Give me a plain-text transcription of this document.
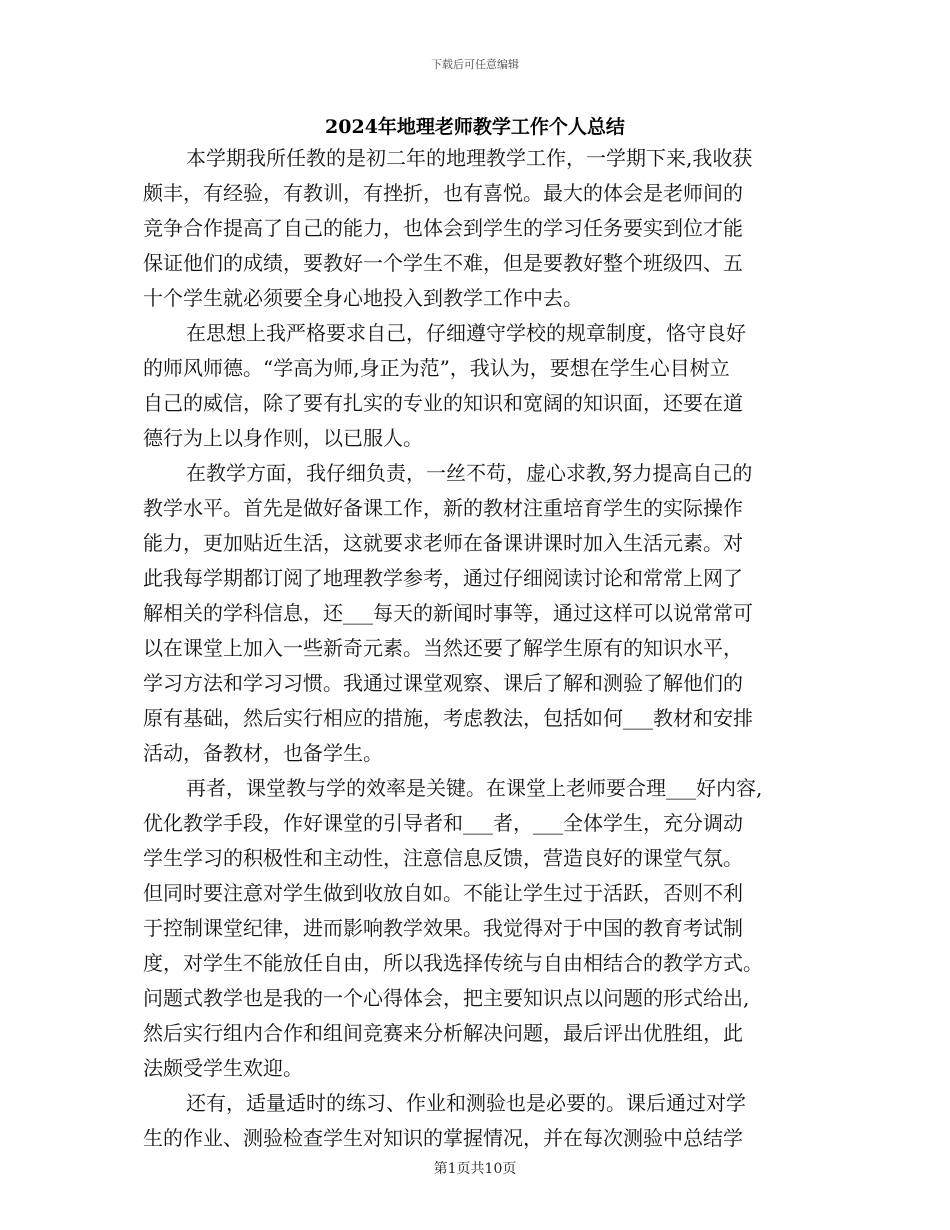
下载后可任意编辑
2024年地理老师教学工作个人总结
本学期我所任教的是初二年的地理教学工作，一学期下来,我收获
颇丰，有经验，有教训，有挫折，也有喜悦。最大的体会是老师间的
竞争合作提高了自己的能力，也体会到学生的学习任务要实到位才能
保证他们的成绩，要教好一个学生不难，但是要教好整个班级四、五
十个学生就必须要全身心地投入到教学工作中去。
在思想上我严格要求自己，仔细遵守学校的规章制度，恪守良好
的师风师德。“学高为师,身正为范”，我认为，要想在学生心目树立
自己的威信，除了要有扎实的专业的知识和宽阔的知识面，还要在道
德行为上以身作则，以已服人。
在教学方面，我仔细负责，一丝不苟，虚心求教,努力提高自己的
教学水平。首先是做好备课工作，新的教材注重培育学生的实际操作
能力，更加贴近生活，这就要求老师在备课讲课时加入生活元素。对
此我每学期都订阅了地理教学参考，通过仔细阅读讨论和常常上网了
解相关的学科信息，还___每天的新闻时事等，通过这样可以说常常可
以在课堂上加入一些新奇元素。当然还要了解学生原有的知识水平，
学习方法和学习习惯。我通过课堂观察、课后了解和测验了解他们的
原有基础，然后实行相应的措施，考虑教法，包括如何___教材和安排
活动，备教材，也备学生。
再者，课堂教与学的效率是关键。在课堂上老师要合理___好内容,
优化教学手段，作好课堂的引导者和___者，___全体学生，充分调动
学生学习的积极性和主动性，注意信息反馈，营造良好的课堂气氛。
但同时要注意对学生做到收放自如。不能让学生过于活跃，否则不利
于控制课堂纪律，进而影响教学效果。我觉得对于中国的教育考试制
度，对学生不能放任自由，所以我选择传统与自由相结合的教学方式。
问题式教学也是我的一个心得体会，把主要知识点以问题的形式给出,
然后实行组内合作和组间竞赛来分析解决问题，最后评出优胜组，此
法颇受学生欢迎。
还有，适量适时的练习、作业和测验也是必要的。课后通过对学
生的作业、测验检查学生对知识的掌握情况，并在每次测验中总结学
第1页共10页
